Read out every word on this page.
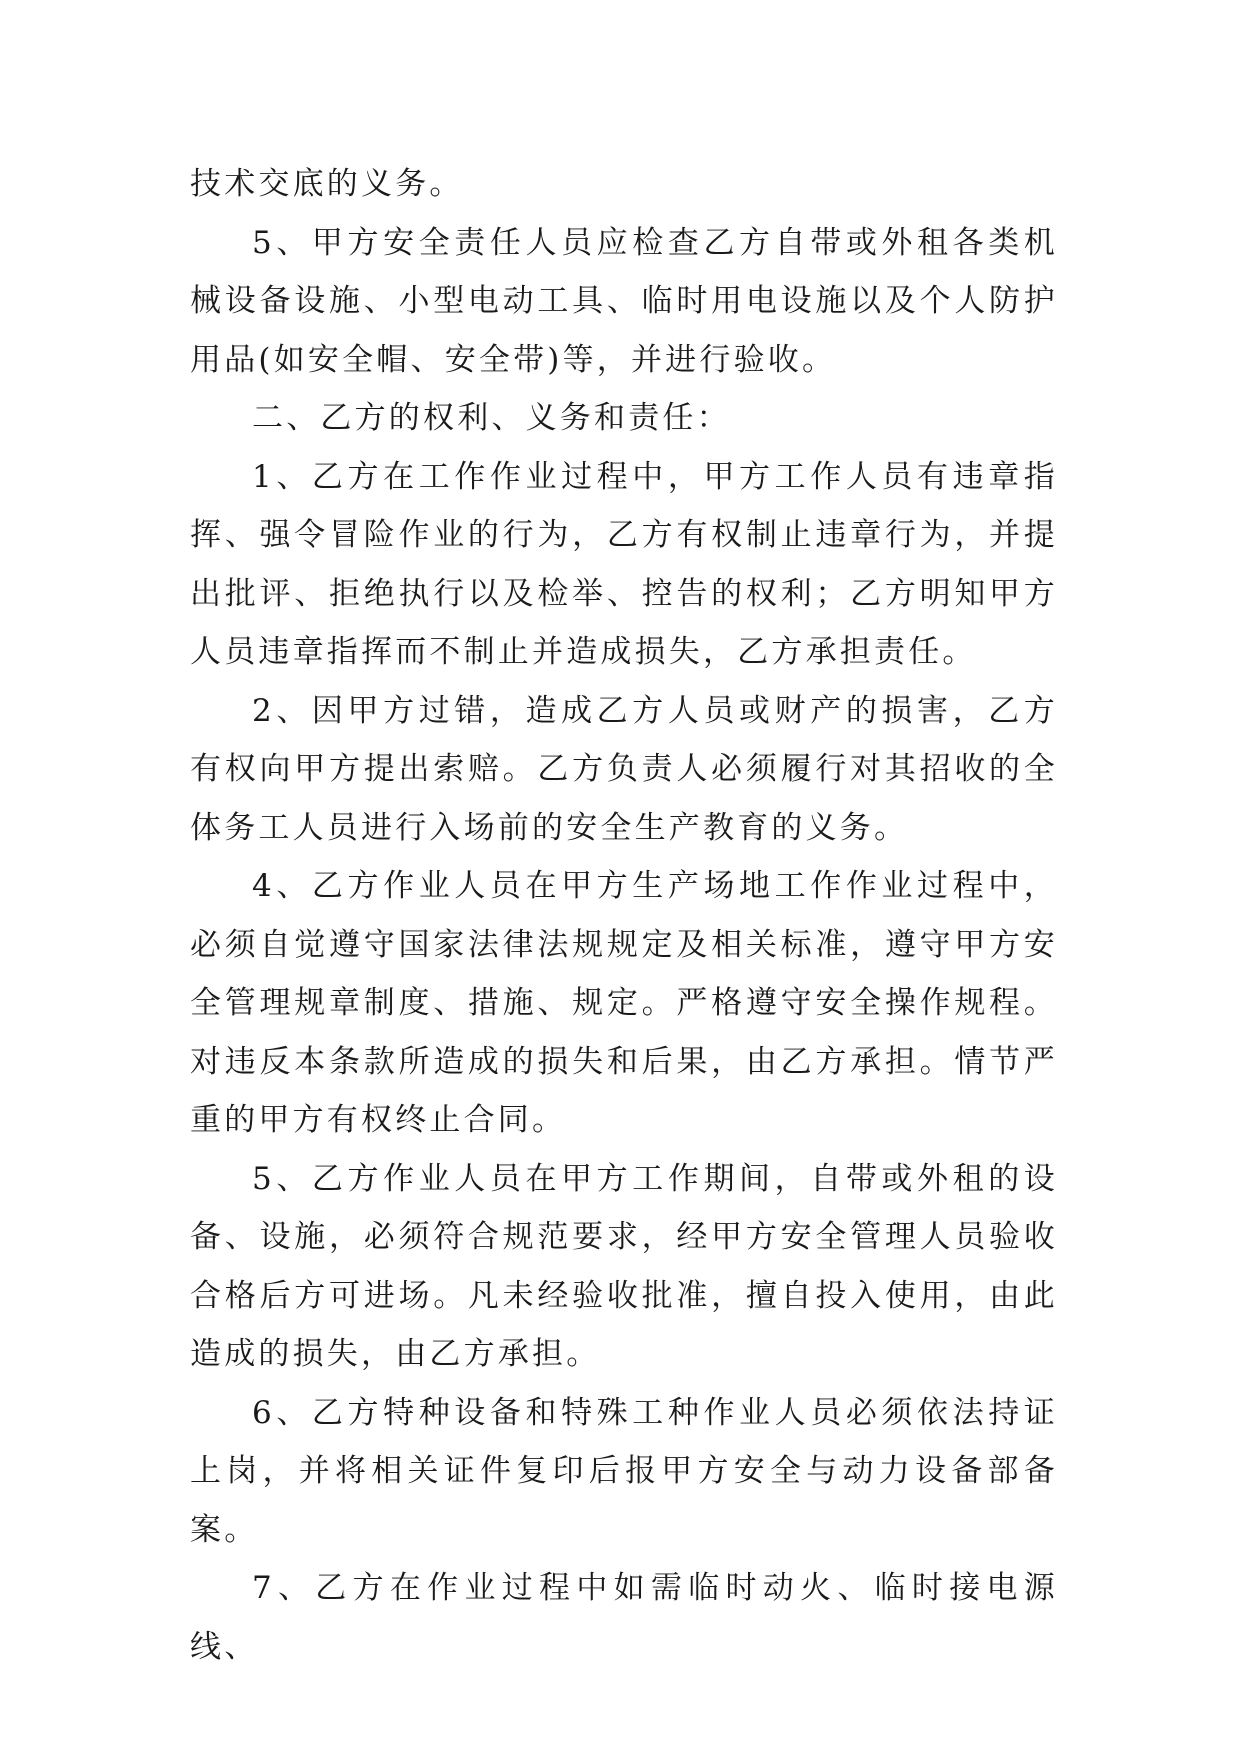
技术交底的义务。

5、甲方安全责任人员应检查乙方自带或外租各类机械设备设施、小型电动工具、临时用电设施以及个人防护用品(如安全帽、安全带)等，并进行验收。

二、乙方的权利、义务和责任：

1、乙方在工作作业过程中，甲方工作人员有违章指挥、强令冒险作业的行为，乙方有权制止违章行为，并提出批评、拒绝执行以及检举、控告的权利；乙方明知甲方人员违章指挥而不制止并造成损失，乙方承担责任。

2、因甲方过错，造成乙方人员或财产的损害，乙方有权向甲方提出索赔。乙方负责人必须履行对其招收的全体务工人员进行入场前的安全生产教育的义务。

4、乙方作业人员在甲方生产场地工作作业过程中，必须自觉遵守国家法律法规规定及相关标准，遵守甲方安全管理规章制度、措施、规定。严格遵守安全操作规程。对违反本条款所造成的损失和后果，由乙方承担。情节严重的甲方有权终止合同。

5、乙方作业人员在甲方工作期间，自带或外租的设备、设施，必须符合规范要求，经甲方安全管理人员验收合格后方可进场。凡未经验收批准，擅自投入使用，由此造成的损失，由乙方承担。

6、乙方特种设备和特殊工种作业人员必须依法持证上岗，并将相关证件复印后报甲方安全与动力设备部备案。

7、乙方在作业过程中如需临时动火、临时接电源线、
